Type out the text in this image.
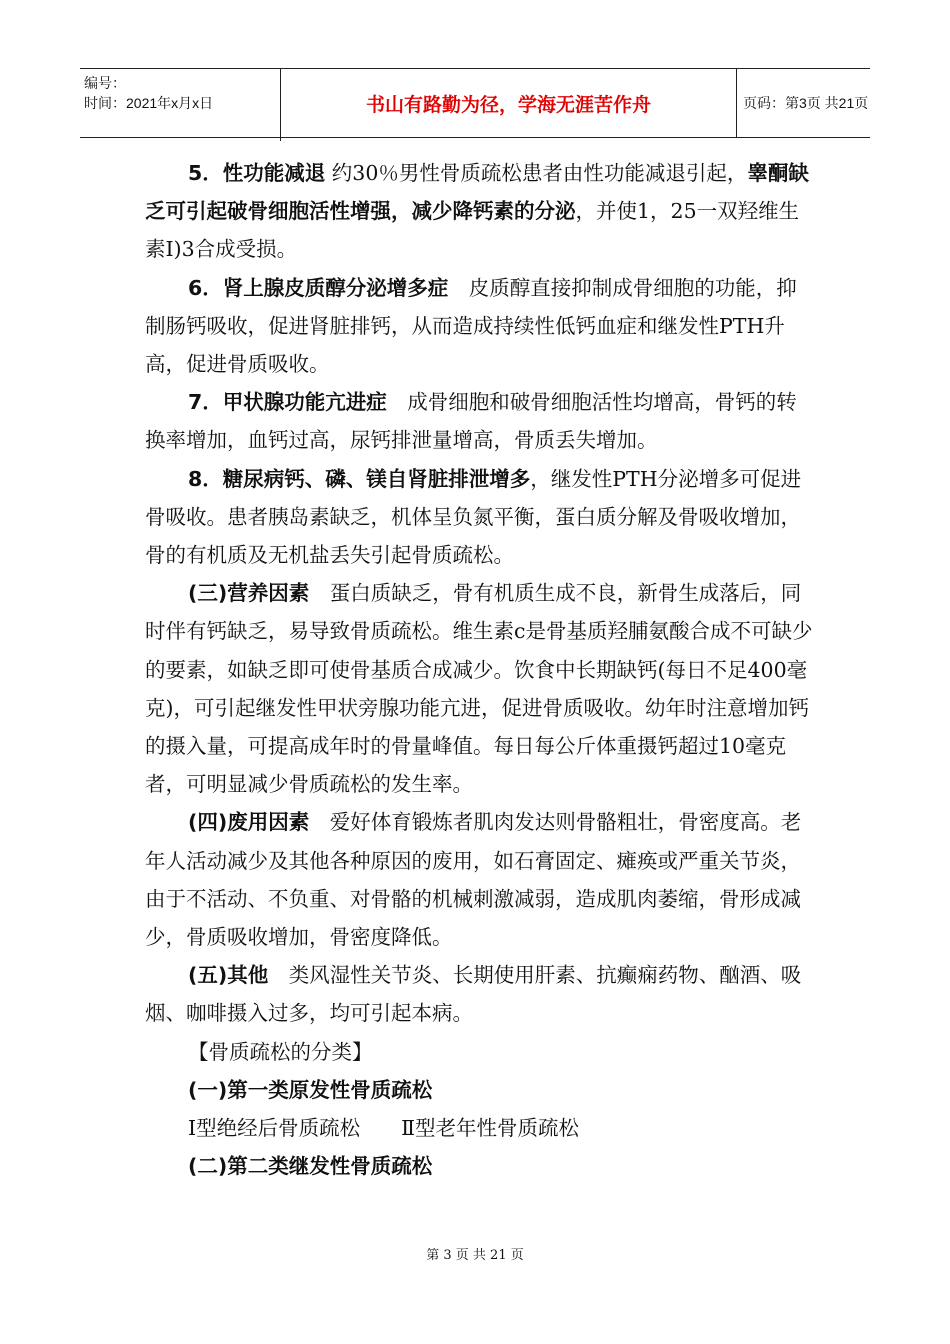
编号：
时间：2021年x月x日	书山有路勤为径，学海无涯苦作舟	页码：第3页 共21页

5．性功能减退 约30％男性骨质疏松患者由性功能减退引起，睾酮缺乏可引起破骨细胞活性增强，减少降钙素的分泌，并使1，25一双羟维生素I)3合成受损。

6．肾上腺皮质醇分泌增多症　皮质醇直接抑制成骨细胞的功能，抑制肠钙吸收，促进肾脏排钙，从而造成持续性低钙血症和继发性PTH升高，促进骨质吸收。

7．甲状腺功能亢进症　成骨细胞和破骨细胞活性均增高，骨钙的转换率增加，血钙过高，尿钙排泄量增高，骨质丢失增加。

8．糖尿病钙、磷、镁自肾脏排泄增多，继发性PTH分泌增多可促进骨吸收。患者胰岛素缺乏，机体呈负氮平衡，蛋白质分解及骨吸收增加，骨的有机质及无机盐丢失引起骨质疏松。

(三)营养因素　蛋白质缺乏，骨有机质生成不良，新骨生成落后，同时伴有钙缺乏，易导致骨质疏松。维生素c是骨基质羟脯氨酸合成不可缺少的要素，如缺乏即可使骨基质合成减少。饮食中长期缺钙(每日不足400毫克)，可引起继发性甲状旁腺功能亢进，促进骨质吸收。幼年时注意增加钙的摄入量，可提高成年时的骨量峰值。每日每公斤体重摄钙超过10毫克者，可明显减少骨质疏松的发生率。

(四)废用因素　爱好体育锻炼者肌肉发达则骨骼粗壮，骨密度高。老年人活动减少及其他各种原因的废用，如石膏固定、瘫痪或严重关节炎，由于不活动、不负重、对骨骼的机械刺激减弱，造成肌肉萎缩，骨形成减少，骨质吸收增加，骨密度降低。

(五)其他　类风湿性关节炎、长期使用肝素、抗癫痫药物、酗酒、吸烟、咖啡摄入过多，均可引起本病。

【骨质疏松的分类】

(一)第一类原发性骨质疏松

Ⅰ型绝经后骨质疏松　　Ⅱ型老年性骨质疏松

(二)第二类继发性骨质疏松

第 3 页 共 21 页
